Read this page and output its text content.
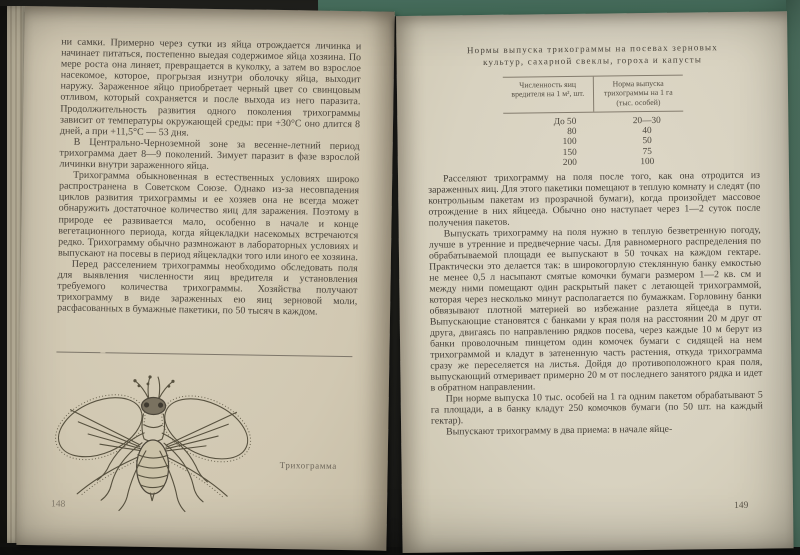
ни самки. Примерно через сутки из яйца отрождается личинка и начинает питаться, постепенно выедая содержимое яйца хозяина. По мере роста она линяет, превращается в куколку, а затем во взрослое насекомое, которое, прогрызая изнутри оболочку яйца, выходит наружу. Зараженное яйцо приобретает черный цвет со свинцовым отливом, который сохраняется и после выхода из него паразита. Продолжительность развития одного поколения трихограммы зависит от температуры окружающей среды: при +30°С оно длится 8 дней, а при +11,5°С — 53 дня.

В Центрально-Черноземной зоне за весенне-летний период трихограмма дает 8—9 поколений. Зимует паразит в фазе взрослой личинки внутри зараженного яйца.

Трихограмма обыкновенная в естественных условиях широко распространена в Советском Союзе. Однако из-за несовпадения циклов развития трихограммы и ее хозяев она не всегда может обнаружить достаточное количество яиц для заражения. Поэтому в природе ее развивается мало, особенно в начале и конце вегетационного периода, когда яйцекладки насекомых встречаются редко. Трихограмму обычно размножают в лабораторных условиях и выпускают на посевы в период яйцекладки того или иного ее хозяина.

Перед расселением трихограммы необходимо обследовать поля для выявления численности яиц вредителя и установления требуемого количества трихограммы. Хозяйства получают трихограмму в виде зараженных ею яиц зерновой моли, расфасованных в бумажные пакетики, по 50 тысяч в каждом.

Трихограмма
148

Нормы выпуска трихограммы на посевах зерновых культур, сахарной свеклы, гороха и капусты

Численность яиц вредителя на 1 м², шт.
Норма выпуска трихограммы на 1 га (тыс. особей)
До 50	20—30
80	40
100	50
150	75
200	100

Расселяют трихограмму на поля после того, как она отродится из зараженных яиц. Для этого пакетики помещают в теплую комнату и следят (по контрольным пакетам из прозрачной бумаги), когда произойдет массовое отрождение в них яйцееда. Обычно оно наступает через 1—2 суток после получения пакетов.

Выпускать трихограмму на поля нужно в теплую безветренную погоду, лучше в утренние и предвечерние часы. Для равномерного распределения по обрабатываемой площади ее выпускают в 50 точках на каждом гектаре. Практически это делается так: в широкогорлую стеклянную банку емкостью не менее 0,5 л насыпают смятые комочки бумаги размером 1—2 кв. см и между ними помещают один раскрытый пакет с летающей трихограммой, которая через несколько минут располагается по бумажкам. Горловину банки обвязывают плотной материей во избежание разлета яйцееда в пути. Выпускающие становятся с банками у края поля на расстоянии 20 м друг от друга, двигаясь по направлению рядков посева, через каждые 10 м берут из банки проволочным пинцетом один комочек бумаги с сидящей на нем трихограммой и кладут в затененную часть растения, откуда трихограмма сразу же переселяется на листья. Дойдя до противоположного края поля, выпускающий отмеривает примерно 20 м от последнего занятого рядка и идет в обратном направлении.

При норме выпуска 10 тыс. особей на 1 га одним пакетом обрабатывают 5 га площади, а в банку кладут 250 комочков бумаги (по 50 шт. на каждый гектар).

Выпускают трихограмму в два приема: в начале яйце-

149
